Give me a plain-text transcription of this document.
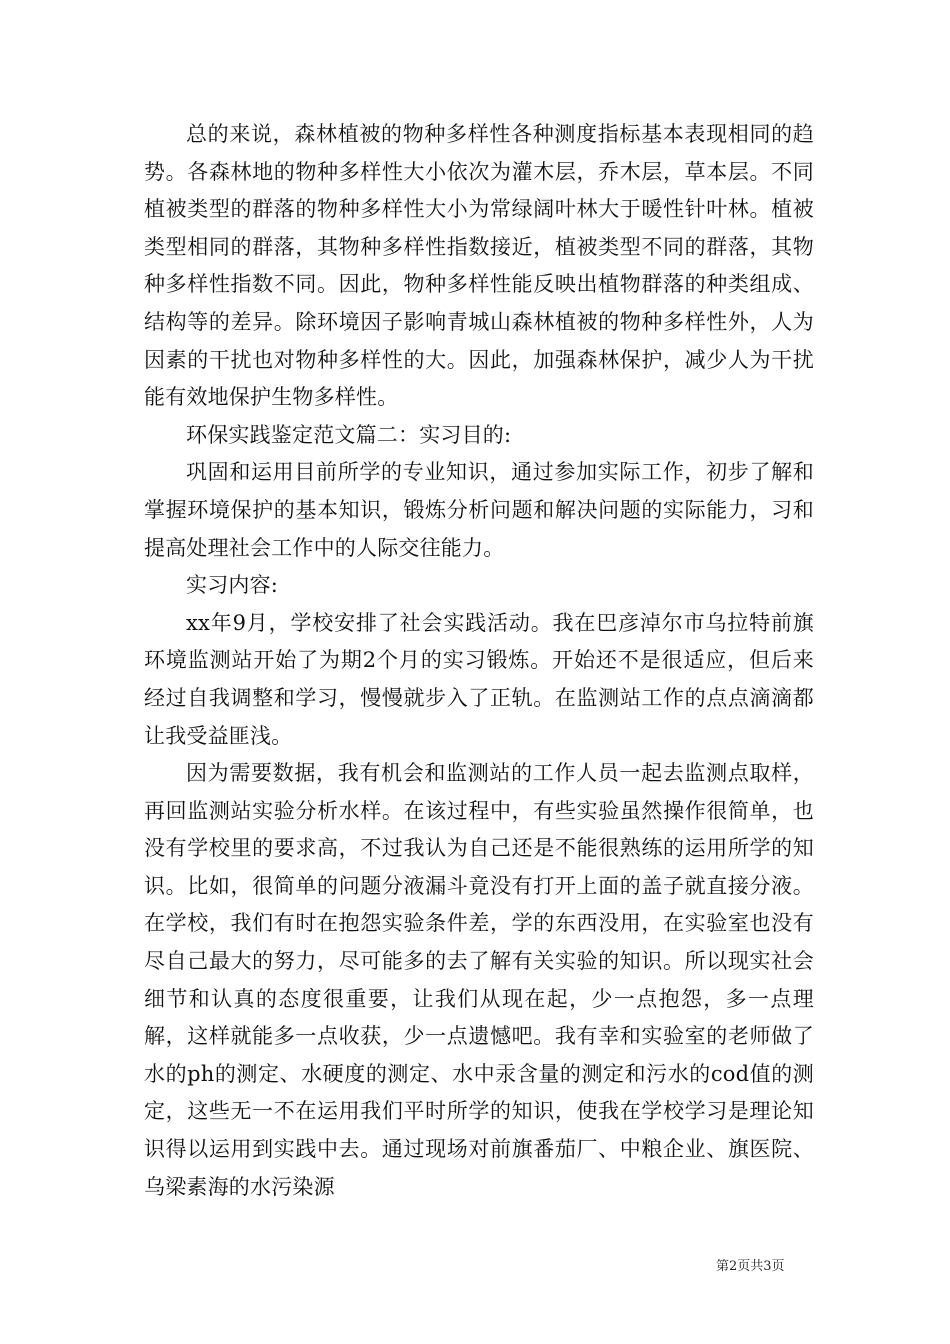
总的来说，森林植被的物种多样性各种测度指标基本表现相同的趋势。各森林地的物种多样性大小依次为灌木层，乔木层，草本层。不同植被类型的群落的物种多样性大小为常绿阔叶林大于暖性针叶林。植被类型相同的群落，其物种多样性指数接近，植被类型不同的群落，其物种多样性指数不同。因此，物种多样性能反映出植物群落的种类组成、结构等的差异。除环境因子影响青城山森林植被的物种多样性外，人为因素的干扰也对物种多样性的大。因此，加强森林保护，减少人为干扰能有效地保护生物多样性。

环保实践鉴定范文篇二：实习目的:

巩固和运用目前所学的专业知识，通过参加实际工作，初步了解和掌握环境保护的基本知识，锻炼分析问题和解决问题的实际能力，习和提高处理社会工作中的人际交往能力。

实习内容:

xx年9月，学校安排了社会实践活动。我在巴彦淖尔市乌拉特前旗环境监测站开始了为期2个月的实习锻炼。开始还不是很适应，但后来经过自我调整和学习，慢慢就步入了正轨。在监测站工作的点点滴滴都让我受益匪浅。

因为需要数据，我有机会和监测站的工作人员一起去监测点取样，再回监测站实验分析水样。在该过程中，有些实验虽然操作很简单，也没有学校里的要求高，不过我认为自己还是不能很熟练的运用所学的知识。比如，很简单的问题分液漏斗竟没有打开上面的盖子就直接分液。在学校，我们有时在抱怨实验条件差，学的东西没用，在实验室也没有尽自己最大的努力，尽可能多的去了解有关实验的知识。所以现实社会细节和认真的态度很重要，让我们从现在起，少一点抱怨，多一点理解，这样就能多一点收获，少一点遗憾吧。我有幸和实验室的老师做了水的ph的测定、水硬度的测定、水中汞含量的测定和污水的cod值的测定，这些无一不在运用我们平时所学的知识，使我在学校学习是理论知识得以运用到实践中去。通过现场对前旗番茄厂、中粮企业、旗医院、乌梁素海的水污染源

第2页共3页
